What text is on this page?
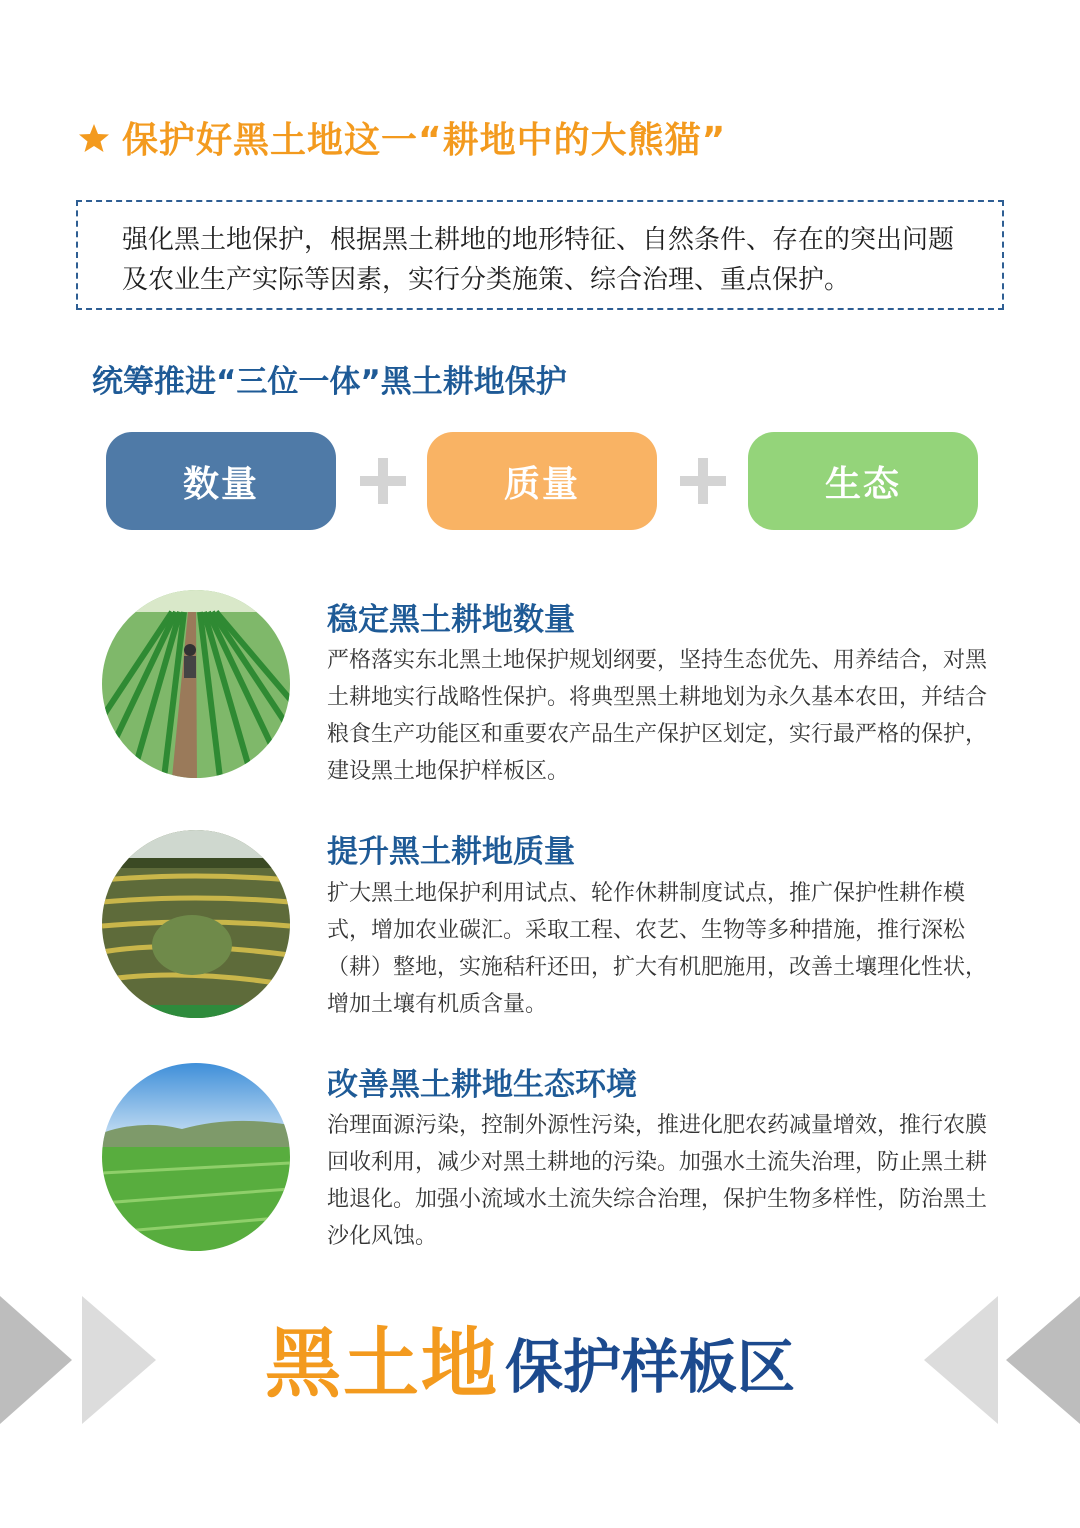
保护好黑土地这一“耕地中的大熊猫”
强化黑土地保护，根据黑土耕地的地形特征、自然条件、存在的突出问题及农业生产实际等因素，实行分类施策、综合治理、重点保护。
统筹推进“三位一体”黑土耕地保护
数量	质量	生态
稳定黑土耕地数量
严格落实东北黑土地保护规划纲要，坚持生态优先、用养结合，对黑土耕地实行战略性保护。将典型黑土耕地划为永久基本农田，并结合粮食生产功能区和重要农产品生产保护区划定，实行最严格的保护，建设黑土地保护样板区。
提升黑土耕地质量
扩大黑土地保护利用试点、轮作休耕制度试点，推广保护性耕作模式，增加农业碳汇。采取工程、农艺、生物等多种措施，推行深松（耕）整地，实施秸秆还田，扩大有机肥施用，改善土壤理化性状，增加土壤有机质含量。
改善黑土耕地生态环境
治理面源污染，控制外源性污染，推进化肥农药减量增效，推行农膜回收利用，减少对黑土耕地的污染。加强水土流失治理，防止黑土耕地退化。加强小流域水土流失综合治理，保护生物多样性，防治黑土沙化风蚀。
黑土地 保护样板区
